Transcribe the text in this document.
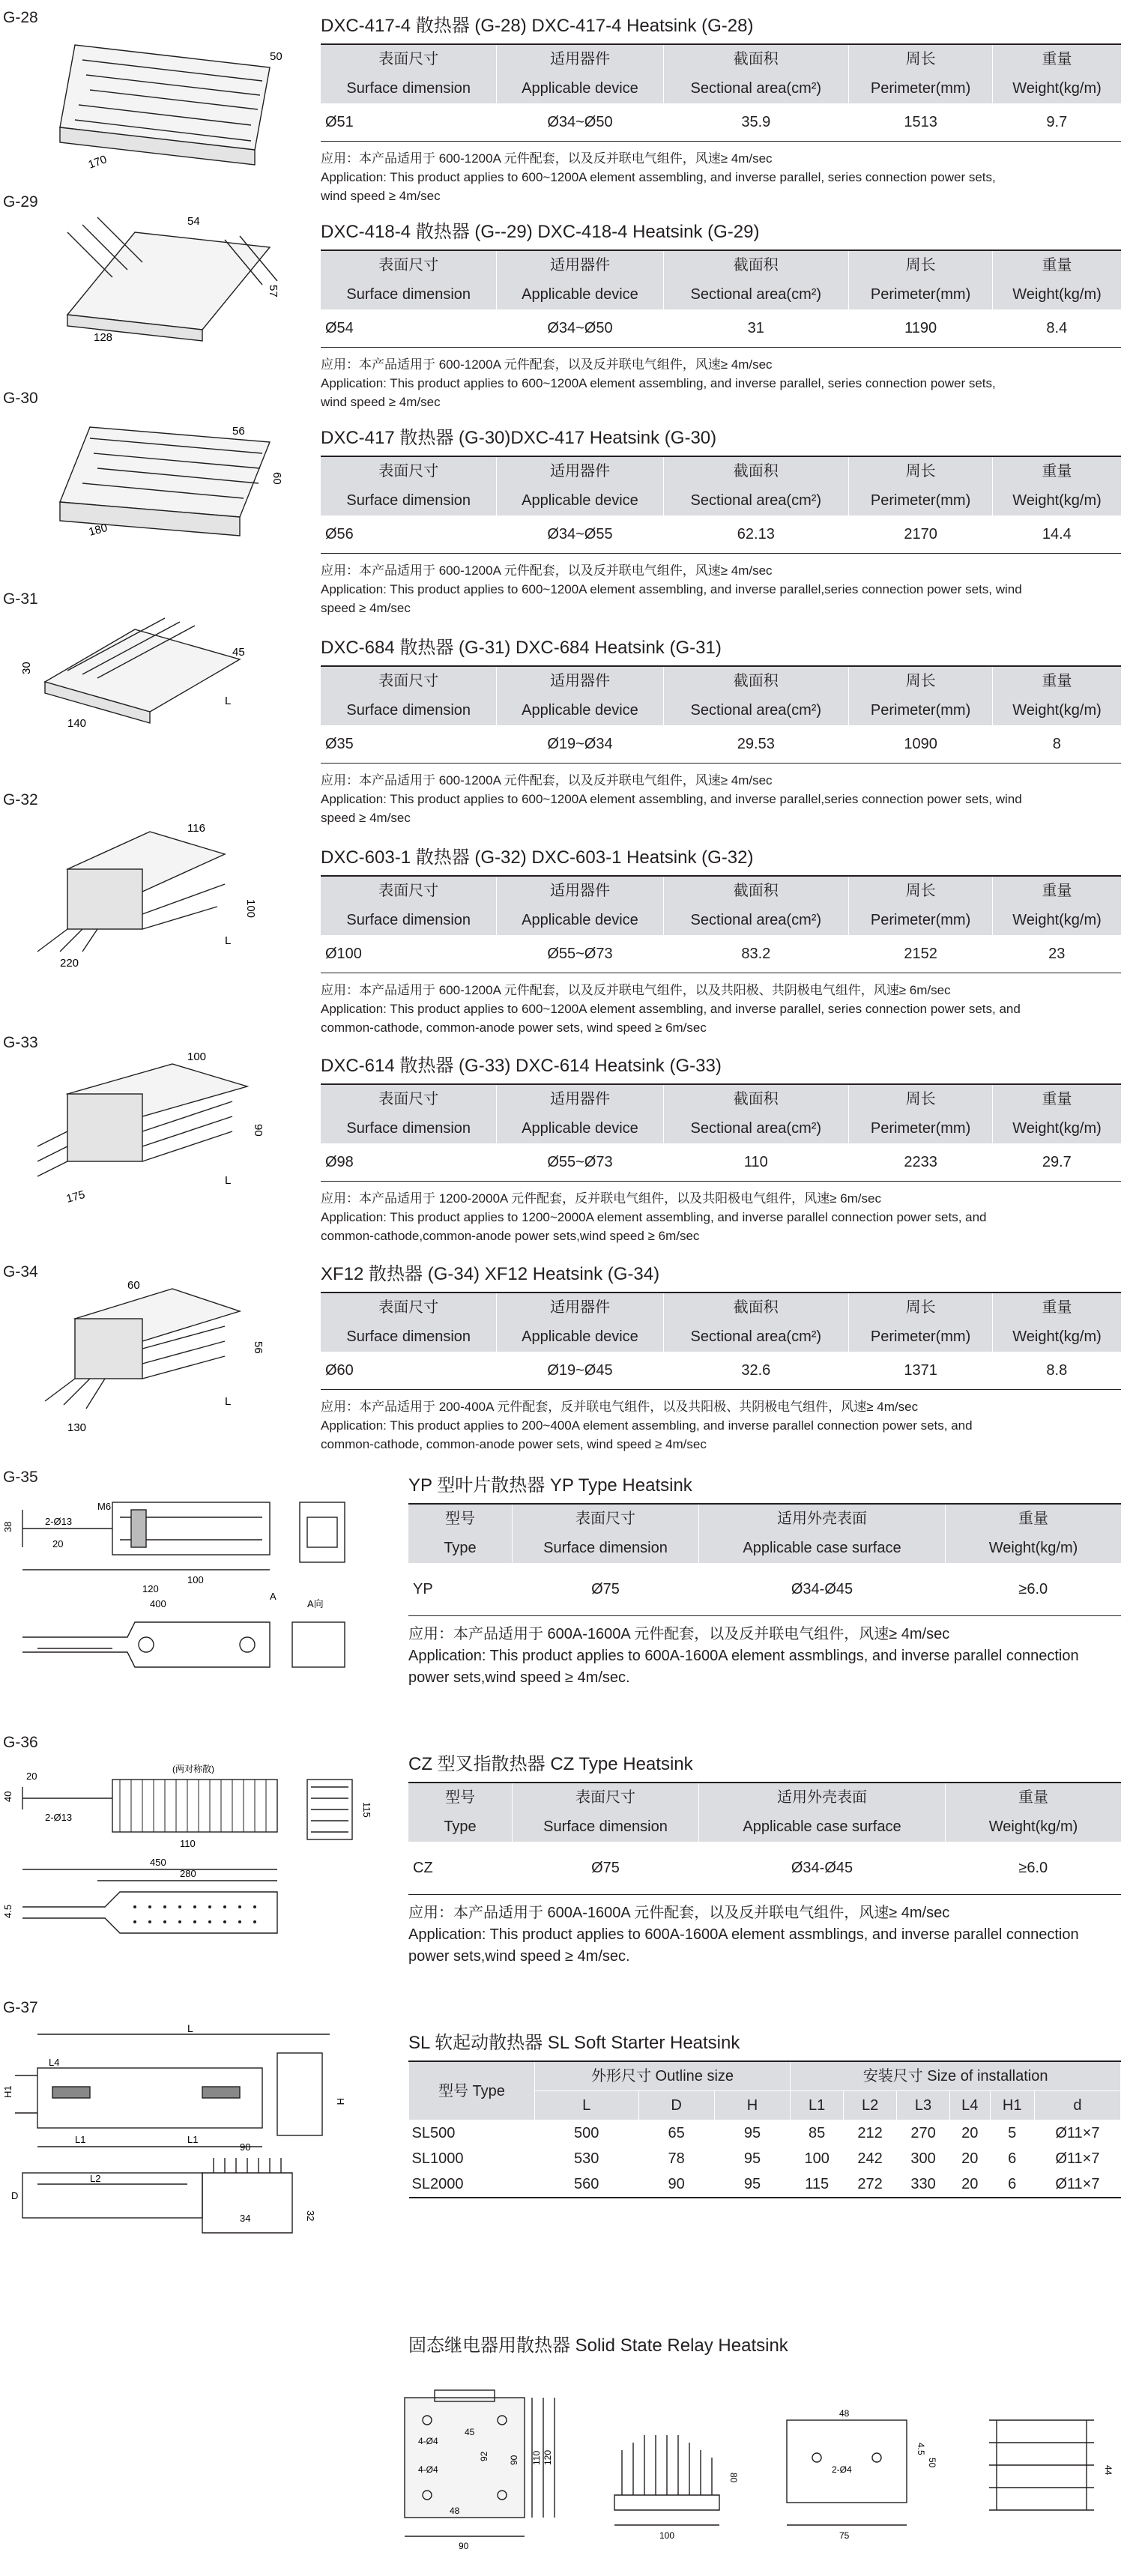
G-28
G-29
G-30
G-31
G-32
G-33
G-34
170
50
128
54
57
180
56
60
30
140
45
L
220
116
100
L
175
100
90
L
130
60
56
L
DXC-417-4 散热器 (G-28) DXC-417-4 Heatsink (G-28)
表面尺寸	适用器件	截面积	周长	重量
Surface dimension	Applicable device	Sectional area(cm²)	Perimeter(mm)	Weight(kg/m)
Ø51	Ø34~Ø50	35.9	1513	9.7
应用：本产品适用于 600-1200A 元件配套，以及反并联电气组件，风速≥ 4m/sec
Application: This product applies to 600~1200A element assembling, and inverse parallel, series connection power sets,
wind speed ≥ 4m/sec
DXC-418-4 散热器 (G--29) DXC-418-4 Heatsink (G-29)
表面尺寸	适用器件	截面积	周长	重量
Surface dimension	Applicable device	Sectional area(cm²)	Perimeter(mm)	Weight(kg/m)
Ø54	Ø34~Ø50	31	1190	8.4
应用：本产品适用于 600-1200A 元件配套，以及反并联电气组件，风速≥ 4m/sec
Application: This product applies to 600~1200A element assembling, and inverse parallel, series connection power sets,
wind speed ≥ 4m/sec
DXC-417 散热器 (G-30)DXC-417 Heatsink (G-30)
表面尺寸	适用器件	截面积	周长	重量
Surface dimension	Applicable device	Sectional area(cm²)	Perimeter(mm)	Weight(kg/m)
Ø56	Ø34~Ø55	62.13	2170	14.4
应用：本产品适用于 600-1200A 元件配套，以及反并联电气组件，风速≥ 4m/sec
Application: This product applies to 600~1200A element assembling, and inverse parallel,series connection power sets, wind
speed ≥ 4m/sec
DXC-684 散热器 (G-31) DXC-684 Heatsink (G-31)
表面尺寸	适用器件	截面积	周长	重量
Surface dimension	Applicable device	Sectional area(cm²)	Perimeter(mm)	Weight(kg/m)
Ø35	Ø19~Ø34	29.53	1090	8
应用：本产品适用于 600-1200A 元件配套，以及反并联电气组件，风速≥ 4m/sec
Application: This product applies to 600~1200A element assembling, and inverse parallel,series connection power sets, wind
speed ≥ 4m/sec
DXC-603-1 散热器 (G-32) DXC-603-1 Heatsink (G-32)
表面尺寸	适用器件	截面积	周长	重量
Surface dimension	Applicable device	Sectional area(cm²)	Perimeter(mm)	Weight(kg/m)
Ø100	Ø55~Ø73	83.2	2152	23
应用：本产品适用于 600-1200A 元件配套，以及反并联电气组件，以及共阳极、共阴极电气组件，风速≥ 6m/sec
Application: This product applies to 600~1200A element assembling, and inverse parallel, series connection power sets, and
common-cathode, common-anode power sets, wind speed ≥ 6m/sec
DXC-614 散热器 (G-33) DXC-614 Heatsink (G-33)
表面尺寸	适用器件	截面积	周长	重量
Surface dimension	Applicable device	Sectional area(cm²)	Perimeter(mm)	Weight(kg/m)
Ø98	Ø55~Ø73	110	2233	29.7
应用：本产品适用于 1200-2000A 元件配套，反并联电气组件，以及共阳极电气组件，风速≥ 6m/sec
Application: This product applies to 1200~2000A element assembling, and inverse parallel connection power sets, and
common-cathode,common-anode power sets,wind speed ≥ 6m/sec
XF12 散热器 (G-34) XF12 Heatsink (G-34)
表面尺寸	适用器件	截面积	周长	重量
Surface dimension	Applicable device	Sectional area(cm²)	Perimeter(mm)	Weight(kg/m)
Ø60	Ø19~Ø45	32.6	1371	8.8
应用：本产品适用于 200-400A 元件配套，反并联电气组件，以及共阳极、共阴极电气组件，风速≥ 4m/sec
Application: This product applies to 200~400A element assembling, and inverse parallel connection power sets, and
common-cathode, common-anode power sets, wind speed ≥ 4m/sec
G-35
2-Ø13
M6
100
120
400
20
38
A向
A
YP 型叶片散热器 YP Type Heatsink
型号	表面尺寸	适用外壳表面	重量
Type	Surface dimension	Applicable case surface	Weight(kg/m)
YP	Ø75	Ø34-Ø45	≥6.0
应用：本产品适用于 600A-1600A 元件配套，以及反并联电气组件，风速≥ 4m/sec
Application: This product applies to 600A-1600A element assmblings, and inverse parallel connection
power sets,wind speed ≥ 4m/sec.
G-36
450
280
110
20
40
2-Ø13
(两对称散)
115
4.5
CZ 型叉指散热器 CZ Type Heatsink
型号	表面尺寸	适用外壳表面	重量
Type	Surface dimension	Applicable case surface	Weight(kg/m)
CZ	Ø75	Ø34-Ø45	≥6.0
应用：本产品适用于 600A-1600A 元件配套，以及反并联电气组件，风速≥ 4m/sec
Application: This product applies to 600A-1600A element assmblings, and inverse parallel connection
power sets,wind speed ≥ 4m/sec.
G-37
L
L4
H1
L1	L1
L2
90
D
34	32
H
SL 软起动散热器 SL Soft Starter Heatsink
型号 Type	外形尺寸 Outline size			安装尺寸 Size of installation					
	L	D	H	L1	L2	L3	L4	H1	d
SL500	500	65	95	85	212	270	20	5	Ø11×7
SL1000	530	78	95	100	242	300	20	6	Ø11×7
SL2000	560	90	95	115	272	330	20	6	Ø11×7
固态继电器用散热器 Solid State Relay Heatsink
4-Ø4
4-Ø4
48
92	110 120
90
90
45
80
100
48
2-Ø4
4.5
50
75
44
